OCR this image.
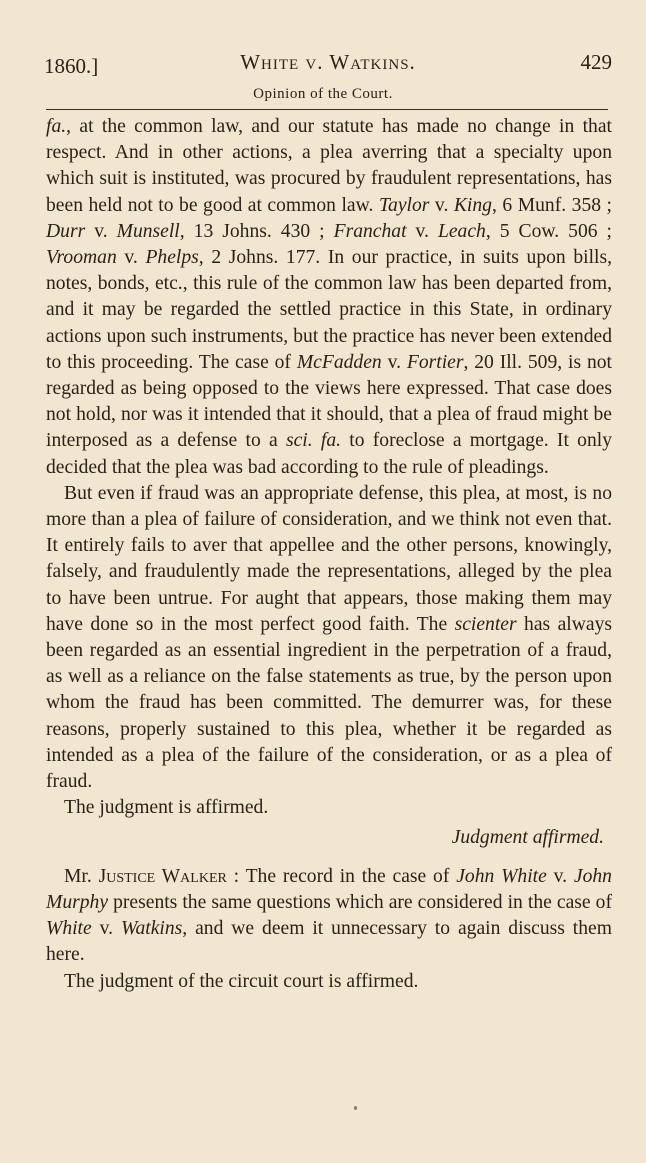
1860.]	White v. Watkins.	429
Opinion of the Court.

fa., at the common law, and our statute has made no change in that respect. And in other actions, a plea averring that a specialty upon which suit is instituted, was procured by fraudulent representations, has been held not to be good at common law. Taylor v. King, 6 Munf. 358 ; Durr v. Munsell, 13 Johns. 430 ; Franchat v. Leach, 5 Cow. 506 ; Vrooman v. Phelps, 2 Johns. 177. In our practice, in suits upon bills, notes, bonds, etc., this rule of the common law has been departed from, and it may be regarded the settled practice in this State, in ordinary actions upon such instruments, but the practice has never been extended to this proceeding. The case of McFadden v. Fortier, 20 Ill. 509, is not regarded as being opposed to the views here expressed. That case does not hold, nor was it intended that it should, that a plea of fraud might be interposed as a defense to a sci. fa. to foreclose a mortgage. It only decided that the plea was bad according to the rule of pleadings.

But even if fraud was an appropriate defense, this plea, at most, is no more than a plea of failure of consideration, and we think not even that. It entirely fails to aver that appellee and the other persons, knowingly, falsely, and fraudulently made the representations, alleged by the plea to have been untrue. For aught that appears, those making them may have done so in the most perfect good faith. The scienter has always been regarded as an essential ingredient in the perpetration of a fraud, as well as a reliance on the false statements as true, by the person upon whom the fraud has been committed. The demurrer was, for these reasons, properly sustained to this plea, whether it be regarded as intended as a plea of the failure of the consideration, or as a plea of fraud.

The judgment is affirmed.

Judgment affirmed.

Mr. Justice Walker : The record in the case of John White v. John Murphy presents the same questions which are considered in the case of White v. Watkins, and we deem it unnecessary to again discuss them here.

The judgment of the circuit court is affirmed.
